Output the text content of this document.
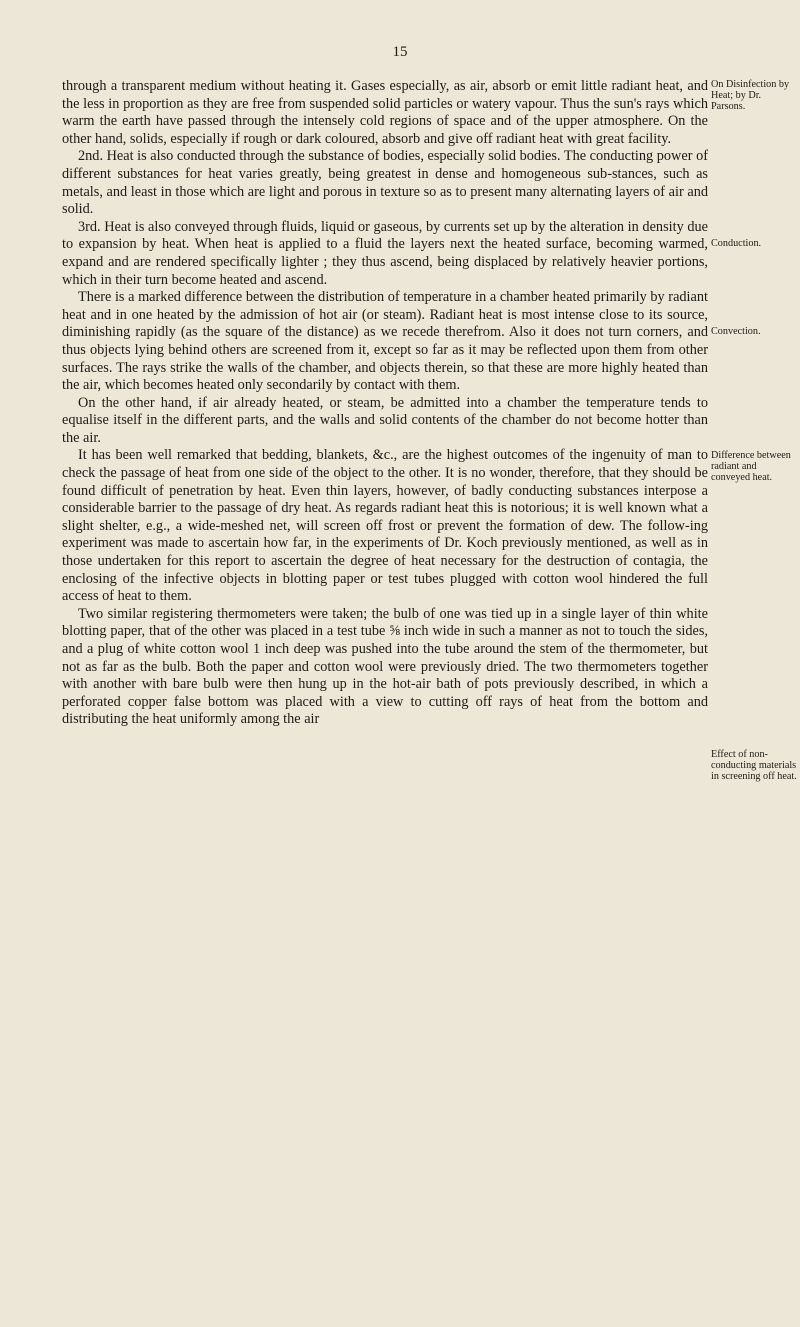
15

through a transparent medium without heating it. Gases especially, as air, absorb or emit little radiant heat, and the less in proportion as they are free from suspended solid particles or watery vapour. Thus the sun's rays which warm the earth have passed through the intensely cold regions of space and of the upper atmosphere. On the other hand, solids, especially if rough or dark coloured, absorb and give off radiant heat with great facility.

2nd. Heat is also conducted through the substance of bodies, especially solid bodies. The conducting power of different substances for heat varies greatly, being greatest in dense and homogeneous sub-stances, such as metals, and least in those which are light and porous in texture so as to present many alternating layers of air and solid.

3rd. Heat is also conveyed through fluids, liquid or gaseous, by currents set up by the alteration in density due to expansion by heat. When heat is applied to a fluid the layers next the heated surface, becoming warmed, expand and are rendered specifically lighter ; they thus ascend, being displaced by relatively heavier portions, which in their turn become heated and ascend.

There is a marked difference between the distribution of temperature in a chamber heated primarily by radiant heat and in one heated by the admission of hot air (or steam). Radiant heat is most intense close to its source, diminishing rapidly (as the square of the distance) as we recede therefrom. Also it does not turn corners, and thus objects lying behind others are screened from it, except so far as it may be reflected upon them from other surfaces. The rays strike the walls of the chamber, and objects therein, so that these are more highly heated than the air, which becomes heated only secondarily by contact with them.

On the other hand, if air already heated, or steam, be admitted into a chamber the temperature tends to equalise itself in the different parts, and the walls and solid contents of the chamber do not become hotter than the air.

It has been well remarked that bedding, blankets, &c., are the highest outcomes of the ingenuity of man to check the passage of heat from one side of the object to the other. It is no wonder, therefore, that they should be found difficult of penetration by heat. Even thin layers, however, of badly conducting substances interpose a considerable barrier to the passage of dry heat. As regards radiant heat this is notorious; it is well known what a slight shelter, e.g., a wide-meshed net, will screen off frost or prevent the formation of dew. The follow-ing experiment was made to ascertain how far, in the experiments of Dr. Koch previously mentioned, as well as in those undertaken for this report to ascertain the degree of heat necessary for the destruction of contagia, the enclosing of the infective objects in blotting paper or test tubes plugged with cotton wool hindered the full access of heat to them.

Two similar registering thermometers were taken; the bulb of one was tied up in a single layer of thin white blotting paper, that of the other was placed in a test tube ⅝ inch wide in such a manner as not to touch the sides, and a plug of white cotton wool 1 inch deep was pushed into the tube around the stem of the thermometer, but not as far as the bulb. Both the paper and cotton wool were previously dried. The two thermometers together with another with bare bulb were then hung up in the hot-air bath of pots previously described, in which a perforated copper false bottom was placed with a view to cutting off rays of heat from the bottom and distributing the heat uniformly among the air

On Disinfection by Heat; by Dr. Parsons.
Conduction.
Convection.
Difference between radiant and conveyed heat.
Effect of non-conducting materials in screening off heat.
